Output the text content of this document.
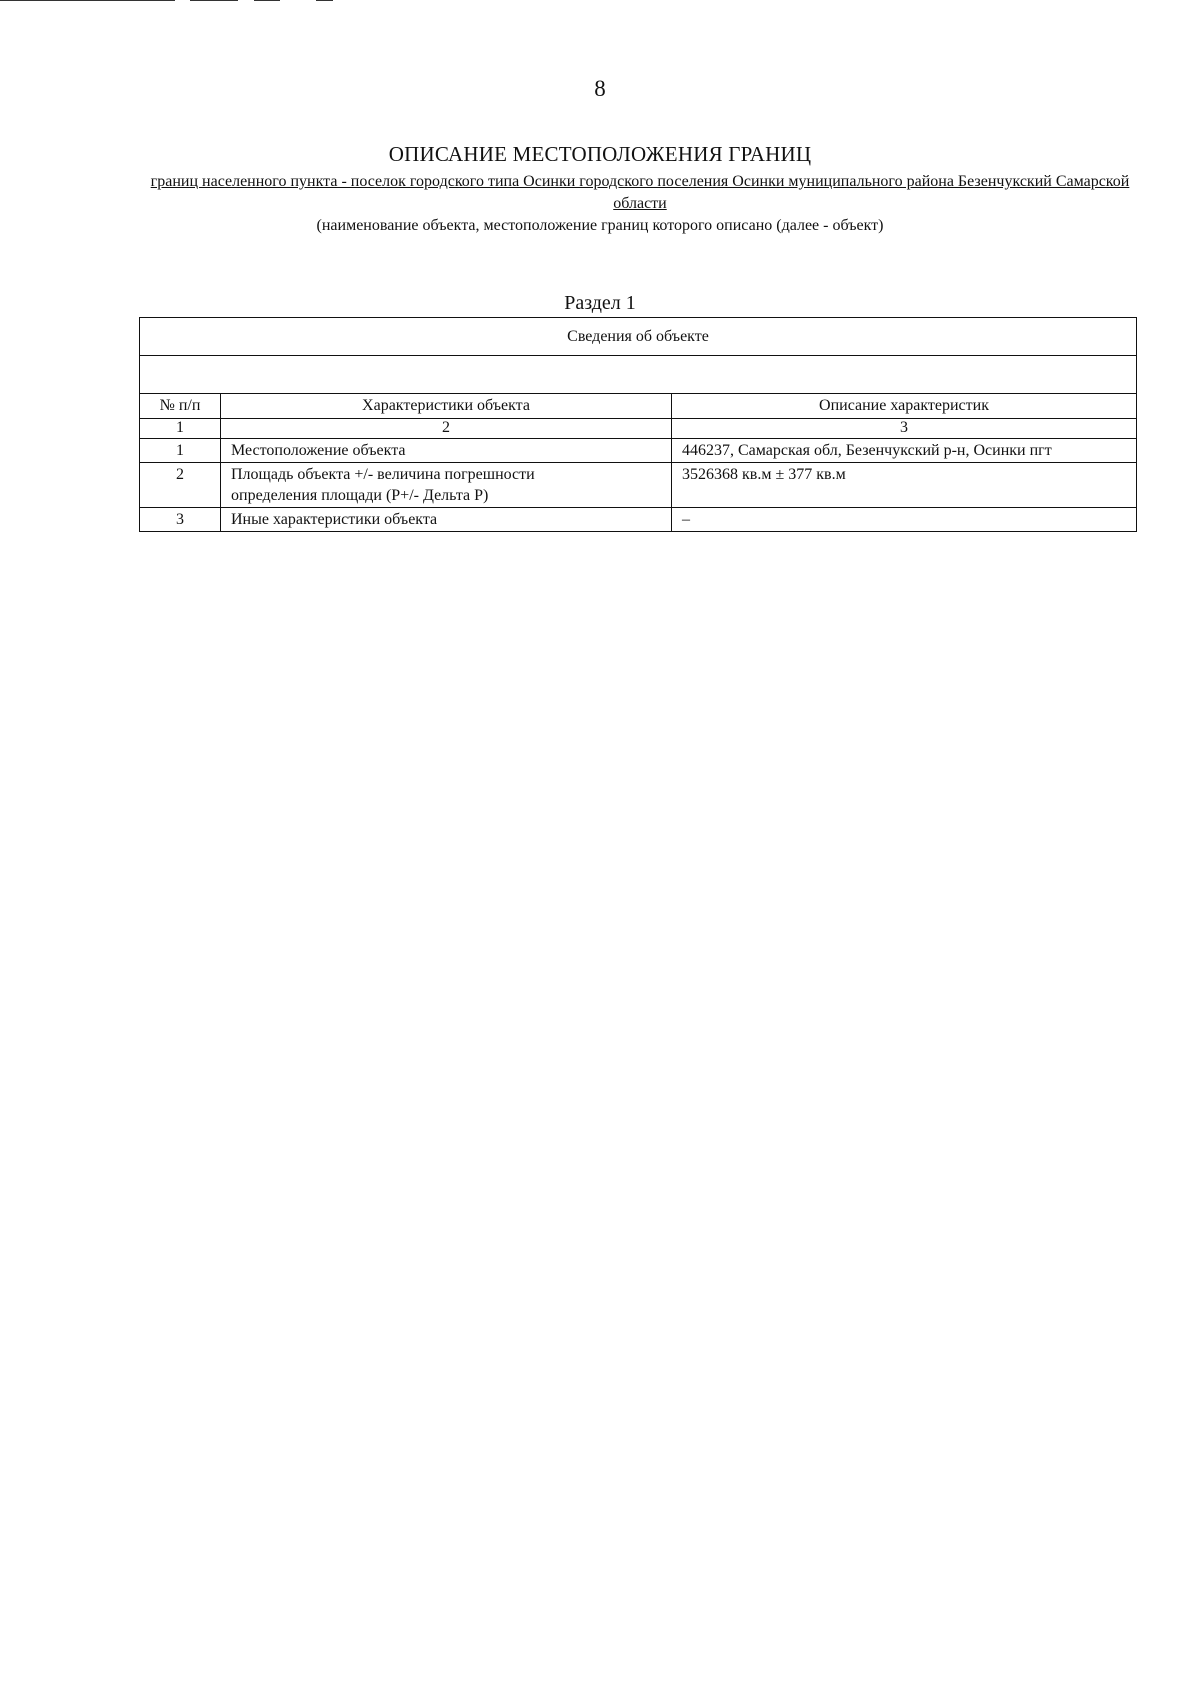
8
ОПИСАНИЕ МЕСТОПОЛОЖЕНИЯ ГРАНИЦ
границ населенного пункта - поселок городского типа Осинки городского поселения Осинки муниципального района Безенчукский Самарской области
(наименование объекта, местоположение границ которого описано (далее - объект)
Раздел 1
Сведения об объекте		

№ п/п	Характеристики объекта	Описание характеристик
1	2	3
1	Местоположение объекта	446237, Самарская обл, Безенчукский р-н, Осинки пгт
2	Площадь объекта +/- величина погрешности определения площади (Р+/- Дельта Р)	3526368 кв.м ± 377 кв.м
3	Иные характеристики объекта	–
